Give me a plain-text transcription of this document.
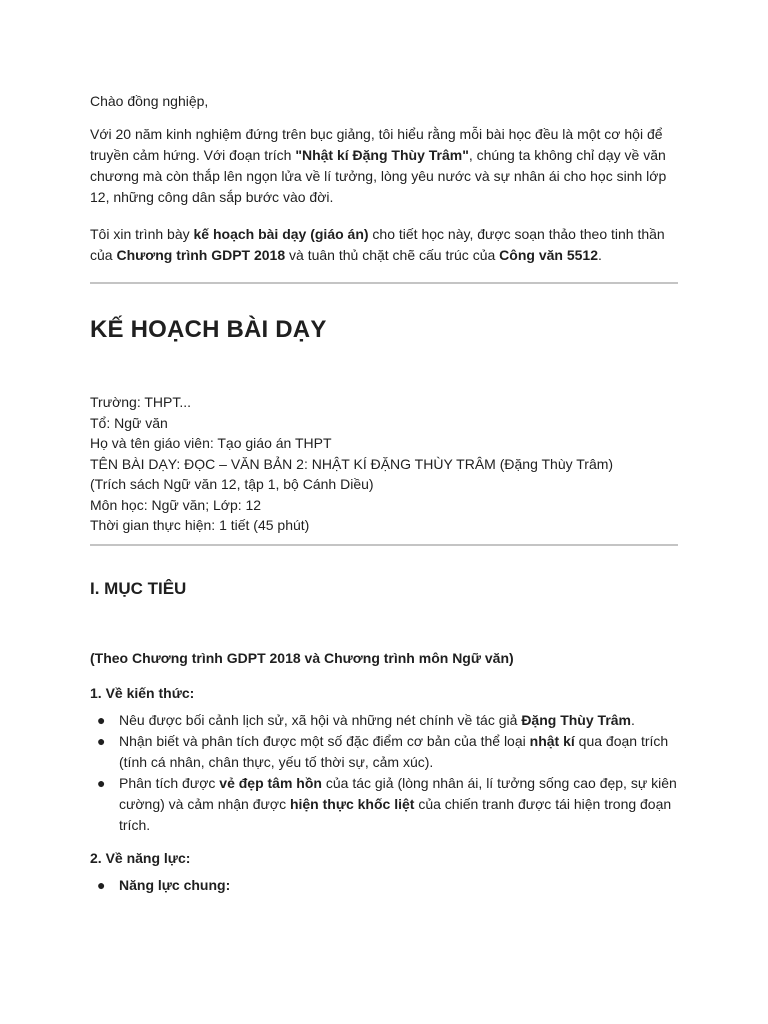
Chào đồng nghiệp,

Với 20 năm kinh nghiệm đứng trên bục giảng, tôi hiểu rằng mỗi bài học đều là một cơ hội để truyền cảm hứng. Với đoạn trích "Nhật kí Đặng Thùy Trâm", chúng ta không chỉ dạy về văn chương mà còn thắp lên ngọn lửa về lí tưởng, lòng yêu nước và sự nhân ái cho học sinh lớp 12, những công dân sắp bước vào đời.

Tôi xin trình bày kế hoạch bài dạy (giáo án) cho tiết học này, được soạn thảo theo tinh thần của Chương trình GDPT 2018 và tuân thủ chặt chẽ cấu trúc của Công văn 5512.

KẾ HOẠCH BÀI DẠY

Trường: THPT...

Tổ: Ngữ văn

Họ và tên giáo viên: Tạo giáo án THPT

TÊN BÀI DẠY: ĐỌC – VĂN BẢN 2: NHẬT KÍ ĐẶNG THÙY TRÂM (Đặng Thùy Trâm)

(Trích sách Ngữ văn 12, tập 1, bộ Cánh Diều)

Môn học: Ngữ văn; Lớp: 12

Thời gian thực hiện: 1 tiết (45 phút)

I. MỤC TIÊU

(Theo Chương trình GDPT 2018 và Chương trình môn Ngữ văn)

1. Về kiến thức:

● Nêu được bối cảnh lịch sử, xã hội và những nét chính về tác giả Đặng Thùy Trâm.
● Nhận biết và phân tích được một số đặc điểm cơ bản của thể loại nhật kí qua đoạn trích (tính cá nhân, chân thực, yếu tố thời sự, cảm xúc).
● Phân tích được vẻ đẹp tâm hồn của tác giả (lòng nhân ái, lí tưởng sống cao đẹp, sự kiên cường) và cảm nhận được hiện thực khốc liệt của chiến tranh được tái hiện trong đoạn trích.

2. Về năng lực:

● Năng lực chung:
